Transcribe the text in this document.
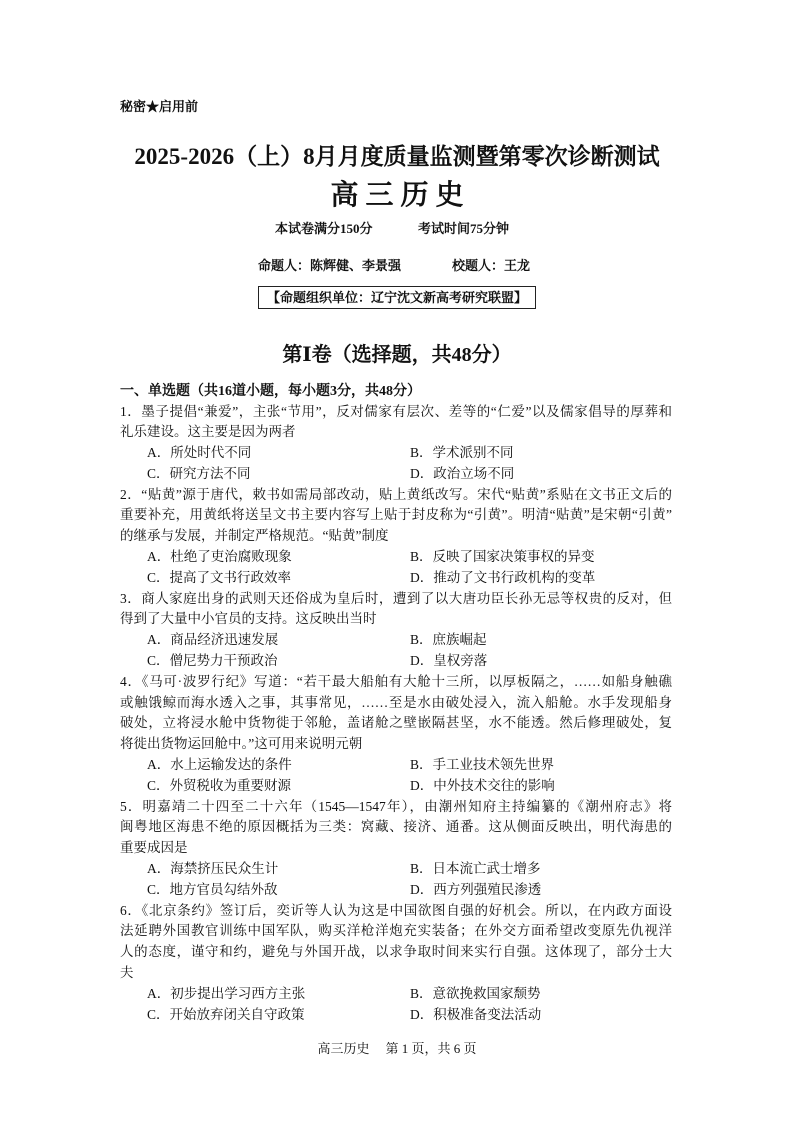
秘密★启用前
2025-2026（上）8月月度质量监测暨第零次诊断测试
高 三 历 史
本试卷满分150分	考试时间75分钟
命题人：陈辉健、李景强	校题人：王龙
【命题组织单位：辽宁沈文新高考研究联盟】
第Ⅰ卷（选择题，共48分）
一、单选题（共16道小题，每小题3分，共48分）
1．墨子提倡“兼爱”，主张“节用”，反对儒家有层次、差等的“仁爱”以及儒家倡导的厚葬和
礼乐建设。这主要是因为两者
A．所处时代不同	B．学术派别不同
C．研究方法不同	D．政治立场不同
2．“贴黄”源于唐代，敕书如需局部改动，贴上黄纸改写。宋代“贴黄”系贴在文书正文后的
重要补充，用黄纸将送呈文书主要内容写上贴于封皮称为“引黄”。明清“贴黄”是宋朝“引黄”
的继承与发展，并制定严格规范。“贴黄”制度
A．杜绝了吏治腐败现象	B．反映了国家决策事权的异变
C．提高了文书行政效率	D．推动了文书行政机构的变革
3．商人家庭出身的武则天还俗成为皇后时，遭到了以大唐功臣长孙无忌等权贵的反对，但
得到了大量中小官员的支持。这反映出当时
A．商品经济迅速发展	B．庶族崛起
C．僧尼势力干预政治	D．皇权旁落
4．《马可·波罗行纪》写道：“若干最大船舶有大舱十三所，以厚板隔之，……如船身触礁
或触饿鲸而海水透入之事，其事常见，……至是水由破处浸入，流入船舱。水手发现船身
破处，立将浸水舱中货物徙于邻舱，盖诸舱之壁嵌隔甚坚，水不能透。然后修理破处，复
将徙出货物运回舱中。”这可用来说明元朝
A．水上运输发达的条件	B．手工业技术领先世界
C．外贸税收为重要财源	D．中外技术交往的影响
5．明嘉靖二十四至二十六年（1545—1547年），由潮州知府主持编纂的《潮州府志》将
闽粤地区海患不绝的原因概括为三类：窝藏、接济、通番。这从侧面反映出，明代海患的
重要成因是
A．海禁挤压民众生计	B．日本流亡武士增多
C．地方官员勾结外敌	D．西方列强殖民渗透
6．《北京条约》签订后，奕䜣等人认为这是中国欲图自强的好机会。所以，在内政方面设
法延聘外国教官训练中国军队，购买洋枪洋炮充实装备；在外交方面希望改变原先仇视洋
人的态度，谨守和约，避免与外国开战，以求争取时间来实行自强。这体现了，部分士大
夫
A．初步提出学习西方主张	B．意欲挽救国家颓势
C．开始放弃闭关自守政策	D．积极准备变法活动
高三历史 第 1 页，共 6 页
